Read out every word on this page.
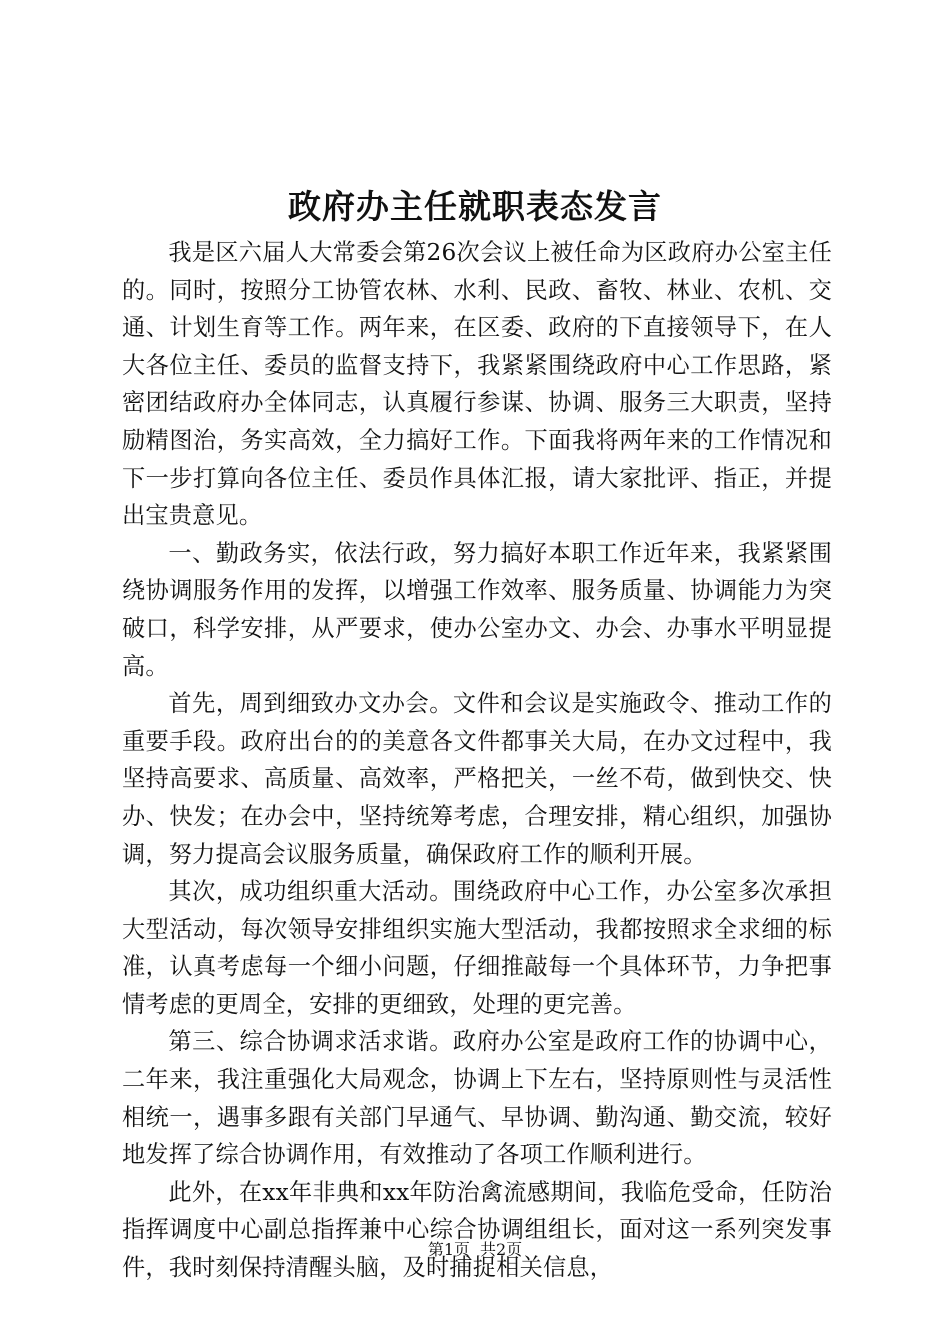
政府办主任就职表态发言

我是区六届人大常委会第26次会议上被任命为区政府办公室主任的。同时，按照分工协管农林、水利、民政、畜牧、林业、农机、交通、计划生育等工作。两年来，在区委、政府的下直接领导下，在人大各位主任、委员的监督支持下，我紧紧围绕政府中心工作思路，紧密团结政府办全体同志，认真履行参谋、协调、服务三大职责，坚持励精图治，务实高效，全力搞好工作。下面我将两年来的工作情况和下一步打算向各位主任、委员作具体汇报，请大家批评、指正，并提出宝贵意见。

一、勤政务实，依法行政，努力搞好本职工作近年来，我紧紧围绕协调服务作用的发挥，以增强工作效率、服务质量、协调能力为突破口，科学安排，从严要求，使办公室办文、办会、办事水平明显提高。

首先，周到细致办文办会。文件和会议是实施政令、推动工作的重要手段。政府出台的的美意各文件都事关大局，在办文过程中，我坚持高要求、高质量、高效率，严格把关，一丝不苟，做到快交、快办、快发；在办会中，坚持统筹考虑，合理安排，精心组织，加强协调，努力提高会议服务质量，确保政府工作的顺利开展。

其次，成功组织重大活动。围绕政府中心工作，办公室多次承担大型活动，每次领导安排组织实施大型活动，我都按照求全求细的标准，认真考虑每一个细小问题，仔细推敲每一个具体环节，力争把事情考虑的更周全，安排的更细致，处理的更完善。

第三、综合协调求活求谐。政府办公室是政府工作的协调中心，二年来，我注重强化大局观念，协调上下左右，坚持原则性与灵活性相统一，遇事多跟有关部门早通气、早协调、勤沟通、勤交流，较好地发挥了综合协调作用，有效推动了各项工作顺利进行。

此外，在xx年非典和xx年防治禽流感期间，我临危受命，任防治指挥调度中心副总指挥兼中心综合协调组组长，面对这一系列突发事件，我时刻保持清醒头脑，及时捕捉相关信息，

第1页 共2页
